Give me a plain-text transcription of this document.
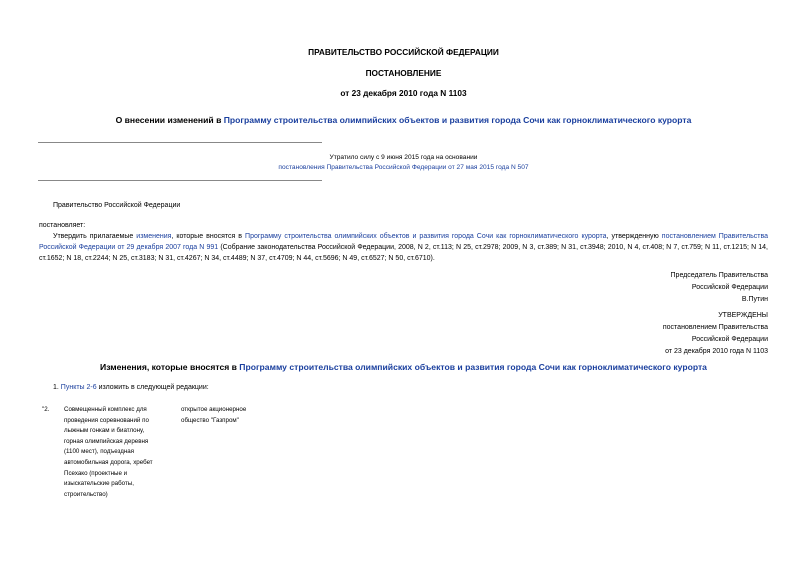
ПРАВИТЕЛЬСТВО РОССИЙСКОЙ ФЕДЕРАЦИИ
ПОСТАНОВЛЕНИЕ
от 23 декабря 2010 года N 1103
О внесении изменений в Программу строительства олимпийских объектов и развития города Сочи как горноклиматического курорта
Утратило силу с 9 июня 2015 года на основании
постановления Правительства Российской Федерации от 27 мая 2015 года N 507
Правительство Российской Федерации
постановляет:
Утвердить прилагаемые изменения, которые вносятся в Программу строительства олимпийских объектов и развития города Сочи как горноклиматического курорта, утвержденную постановлением Правительства Российской Федерации от 29 декабря 2007 года N 991 (Собрание законодательства Российской Федерации, 2008, N 2, ст.113; N 25, ст.2978; 2009, N 3, ст.389; N 31, ст.3948; 2010, N 4, ст.408; N 7, ст.759; N 11, ст.1215; N 14, ст.1652; N 18, ст.2244; N 25, ст.3183; N 31, ст.4267; N 34, ст.4489; N 37, ст.4709; N 44, ст.5696; N 49, ст.6527; N 50, ст.6710).
Председатель Правительства
Российской Федерации
В.Путин
УТВЕРЖДЕНЫ
постановлением Правительства
Российской Федерации
от 23 декабря 2010 года N 1103
Изменения, которые вносятся в Программу строительства олимпийских объектов и развития города Сочи как горноклиматического курорта
1. Пункты 2-6 изложить в следующей редакции:
"2. Совмещенный комплекс для
проведения соревнований по
лыжным гонкам и биатлону,
горная олимпийская деревня
(1100 мест), подъездная
автомобильная дорога, хребет
Псехако (проектные и
изыскательские работы,
строительство)
открытое акционерное
общество "Газпром"
